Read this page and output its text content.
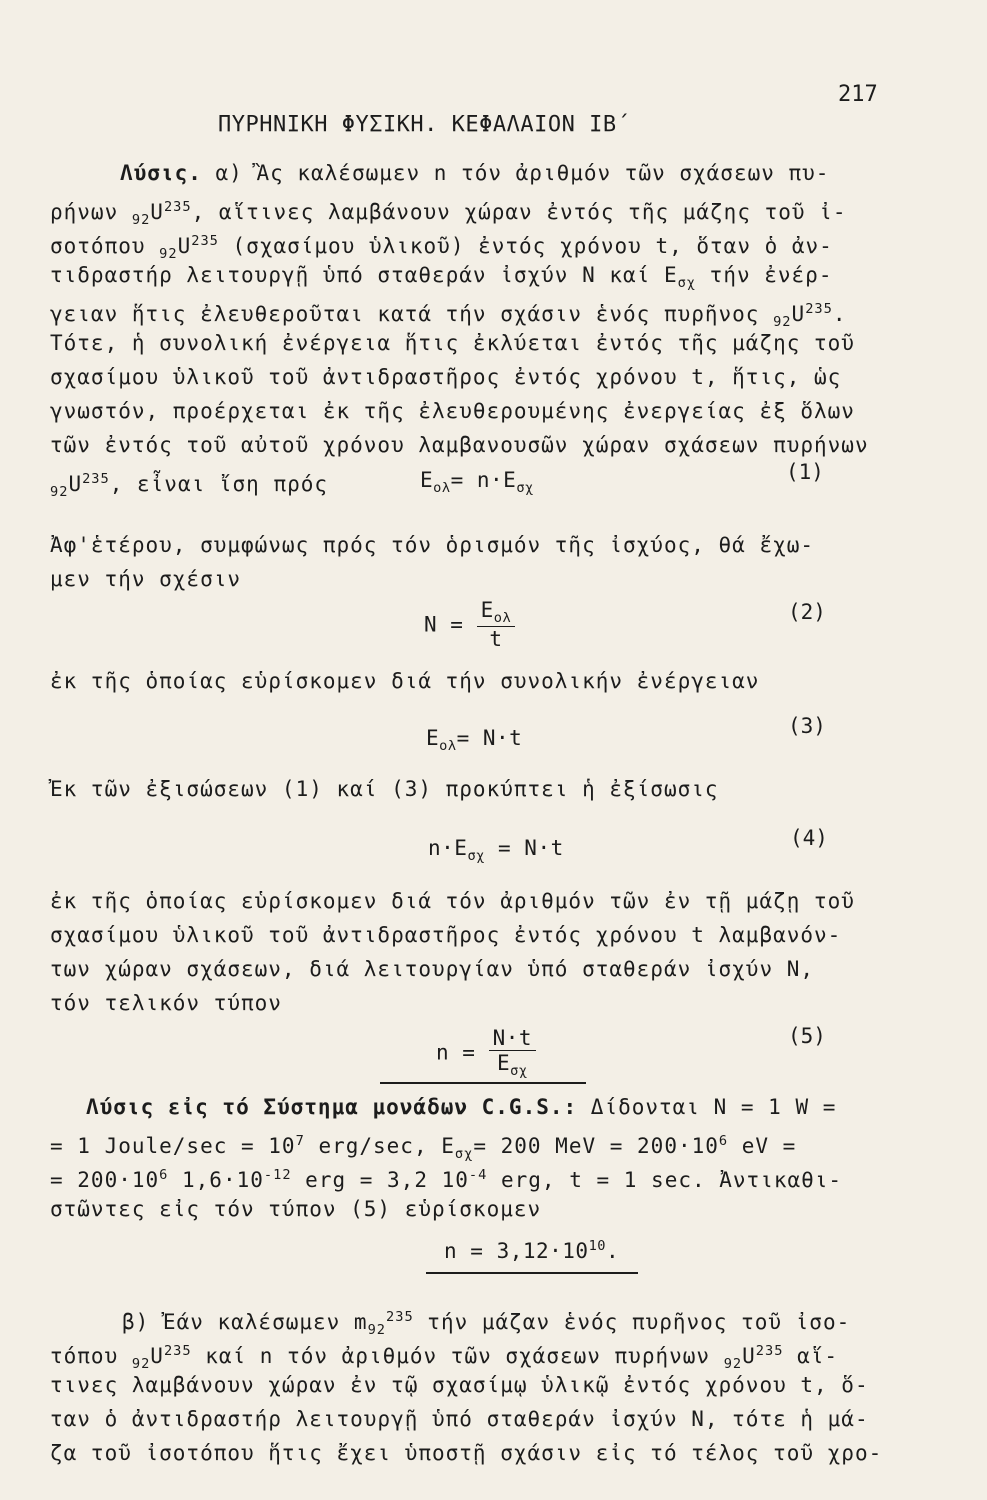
217
ΠΥΡΗΝΙΚΗ ΦΥΣΙΚΗ. ΚΕΦΑΛΑΙΟΝ ΙΒ΄
Λύσις. α) Ἂς καλέσωμεν n τόν ἀριθμόν τῶν σχάσεων πυ-
ρήνων $_{92}U^{235}$, αἵτινες λαμβάνουν χώραν ἐντός τῆς μάζης τοῦ ἰ-
σοτόπου $_{92}U^{235}$ (σχασίμου ὑλικοῦ) ἐντός χρόνου t, ὅταν ὁ ἀν-
τιδραστήρ λειτουργῇ ὑπό σταθεράν ἰσχύν N καί $E_{\sigma\chi}$ τήν ἐνέρ-
γειαν ἥτις ἐλευθεροῦται κατά τήν σχάσιν ἑνός πυρῆνος $_{92}U^{235}$.
Τότε, ἡ συνολική ἐνέργεια ἥτις ἐκλύεται ἐντός τῆς μάζης τοῦ
σχασίμου ὑλικοῦ τοῦ ἀντιδραστῆρος ἐντός χρόνου t, ἥτις, ὡς
γνωστόν, προέρχεται ἐκ τῆς ἐλευθερουμένης ἐνεργείας ἐξ ὅλων
τῶν ἐντός τοῦ αὐτοῦ χρόνου λαμβανουσῶν χώραν σχάσεων πυρήνων
$_{92}U^{235}$, εἶναι ἴση πρός	$E_{o\lambda}= n\cdot E_{\sigma\chi}$
(1)
Ἀφ'ἑτέρου, συμφώνως πρός τόν ὁρισμόν τῆς ἰσχύος, θά ἔχω-
μεν τήν σχέσιν
$N = \frac{E_{o\lambda}}{t}$	(2)
ἐκ τῆς ὁποίας εὑρίσκομεν διά τήν συνολικήν ἐνέργειαν
$E_{o\lambda}= N\cdot t$	(3)
Ἐκ τῶν ἐξισώσεων (1) καί (3) προκύπτει ἡ ἐξίσωσις
$n\cdot E_{\sigma\chi} = N\cdot t$	(4)
ἐκ τῆς ὁποίας εὑρίσκομεν διά τόν ἀριθμόν τῶν ἐν τῇ μάζῃ τοῦ
σχασίμου ὑλικοῦ τοῦ ἀντιδραστῆρος ἐντός χρόνου t λαμβανόν-
των χώραν σχάσεων, διά λειτουργίαν ὑπό σταθεράν ἰσχύν N,
τόν τελικόν τύπον
$n = \frac{N\cdot t}{E_{\sigma\chi}}$	(5)
Λύσις εἰς τό Σύστημα μονάδων C.G.S.: Δίδονται N = 1 W =
= 1 Joule/sec = $10^7$ erg/sec, $E_{\sigma\chi}= 200$ MeV = $200\cdot 10^6$ eV =
= $200\cdot 10^6$ $1,6\cdot 10^{-12}$ erg = 3,2 $10^{-4}$ erg, t = 1 sec. Ἀντικαθι-
στῶντες εἰς τόν τύπον (5) εὑρίσκομεν
$n = 3,12\cdot 10^{10}$.
β) Ἐάν καλέσωμεν $m_{92}^{235}$ τήν μάζαν ἑνός πυρῆνος τοῦ ἰσο-
τόπου $_{92}U^{235}$ καί n τόν ἀριθμόν τῶν σχάσεων πυρήνων $_{92}U^{235}$ αἵ-
τινες λαμβάνουν χώραν ἐν τῷ σχασίμῳ ὑλικῷ ἐντός χρόνου t, ὅ-
ταν ὁ ἀντιδραστήρ λειτουργῇ ὑπό σταθεράν ἰσχύν N, τότε ἡ μά-
ζα τοῦ ἰσοτόπου ἥτις ἔχει ὑποστῇ σχάσιν εἰς τό τέλος τοῦ χρο-
